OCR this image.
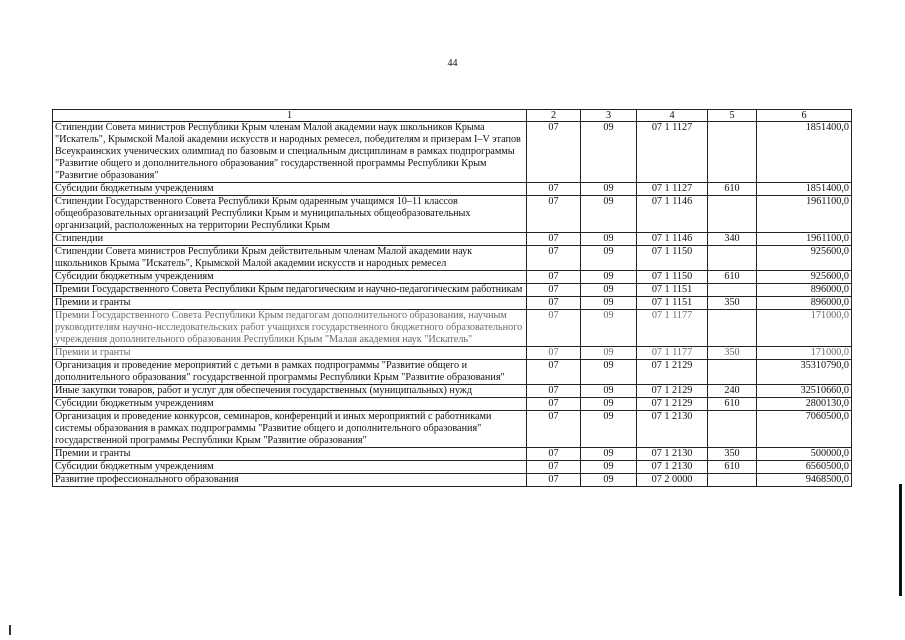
44
1	2	3	4	5	6
Стипендии Совета министров Республики Крым членам Малой академии наук школьников Крыма "Искатель", Крымской Малой академии искусств и народных ремесел, победителям и призерам I–V этапов Всеукраинских ученических олимпиад по базовым и специальным дисциплинам в рамках подпрограммы "Развитие общего и дополнительного образования" государственной программы Республики Крым "Развитие образования"	07	09	07 1 1127		1851400,0
Субсидии бюджетным учреждениям	07	09	07 1 1127	610	1851400,0
Стипендии Государственного Совета Республики Крым одаренным учащимся 10–11 классов общеобразовательных организаций Республики Крым и муниципальных общеобразовательных организаций, расположенных на территории Республики Крым	07	09	07 1 1146		1961100,0
Стипендии	07	09	07 1 1146	340	1961100,0
Стипендии Совета министров Республики Крым действительным членам Малой академии наук школьников Крыма "Искатель", Крымской Малой академии искусств и народных ремесел	07	09	07 1 1150		925600,0
Субсидии бюджетным учреждениям	07	09	07 1 1150	610	925600,0
Премии Государственного Совета Республики Крым педагогическим и научно-педагогическим работникам	07	09	07 1 1151		896000,0
Премии и гранты	07	09	07 1 1151	350	896000,0
Премии Государственного Совета Республики Крым педагогам дополнительного образования, научным руководителям научно-исследовательских работ учащихся государственного бюджетного образовательного учреждения дополнительного образования Республики Крым "Малая академия наук "Искатель"	07	09	07 1 1177		171000,0
Премии и гранты	07	09	07 1 1177	350	171000,0
Организация и проведение мероприятий с детьми в рамках подпрограммы "Развитие общего и дополнительного образования" государственной программы Республики Крым "Развитие образования"	07	09	07 1 2129		35310790,0
Иные закупки товаров, работ и услуг для обеспечения государственных (муниципальных) нужд	07	09	07 1 2129	240	32510660,0
Субсидии бюджетным учреждениям	07	09	07 1 2129	610	2800130,0
Организация и проведение конкурсов, семинаров, конференций и иных мероприятий с работниками системы образования в рамках подпрограммы "Развитие общего и дополнительного образования" государственной программы Республики Крым "Развитие образования"	07	09	07 1 2130		7060500,0
Премии и гранты	07	09	07 1 2130	350	500000,0
Субсидии бюджетным учреждениям	07	09	07 1 2130	610	6560500,0
Развитие профессионального образования	07	09	07 2 0000		9468500,0
